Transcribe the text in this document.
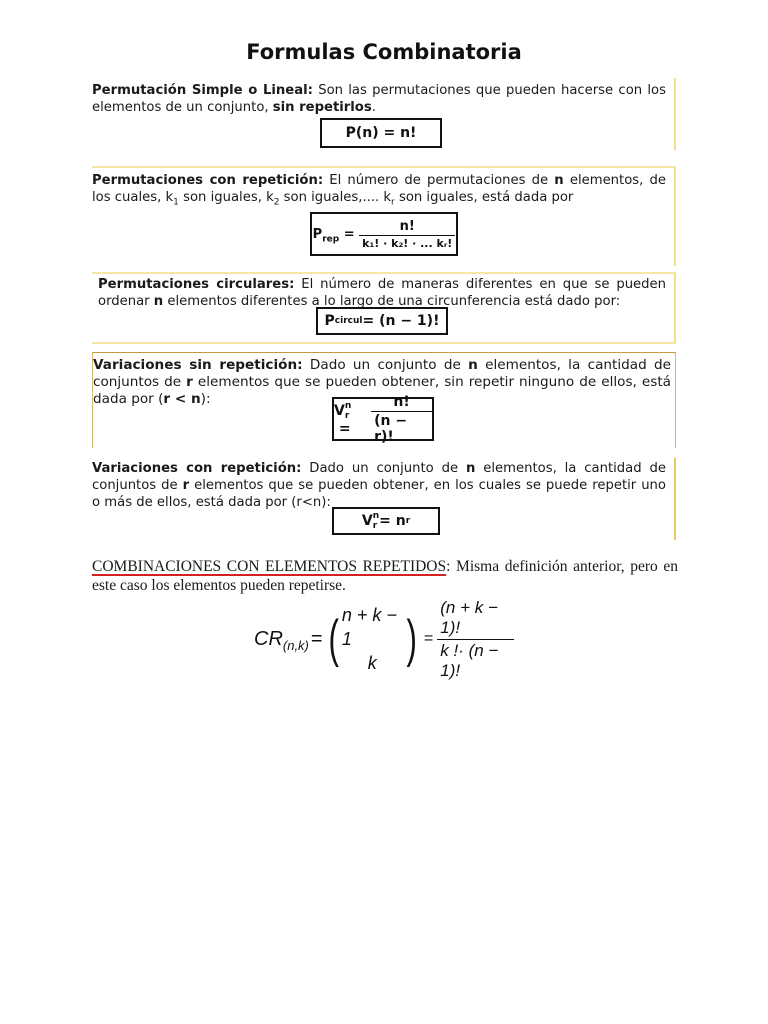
Formulas Combinatoria

Permutación Simple o Lineal: Son las permutaciones que pueden hacerse con los elementos de un conjunto, sin repetirlos.

P(n) = n!

Permutaciones con repetición: El número de permutaciones de n elementos, de los cuales, $k_1$ son iguales, $k_2$ son iguales,.... $k_r$ son iguales, está dada por

$P_{rep} = \frac{n!}{\text{k₁! · k₂! · ... kᵣ!}}$

Permutaciones circulares: El número de maneras diferentes en que se pueden ordenar n elementos diferentes a lo largo de una circunferencia está dado por:

P circul = (n − 1)!

Variaciones sin repetición: Dado un conjunto de n elementos, la cantidad de conjuntos de r elementos que se pueden obtener, sin repetir ninguno de ellos, está dada por (r < n):

V n
r
=	$\frac{n!}{(n - r)!}$

Variaciones con repetición: Dado un conjunto de n elementos, la cantidad de conjuntos de r elementos que se pueden obtener, en los cuales se puede repetir uno o más de ellos, está dada por (r<n):

V n
r = n r

COMBINACIONES CON ELEMENTOS REPETIDOS: Misma definición anterior, pero en este caso los elementos pueden repetirse.

$CR_{(n,k)}$ = ( n + k − 1
k ) = $\frac{(n + k - 1)!}{k !\cdot (n - 1)!}$
